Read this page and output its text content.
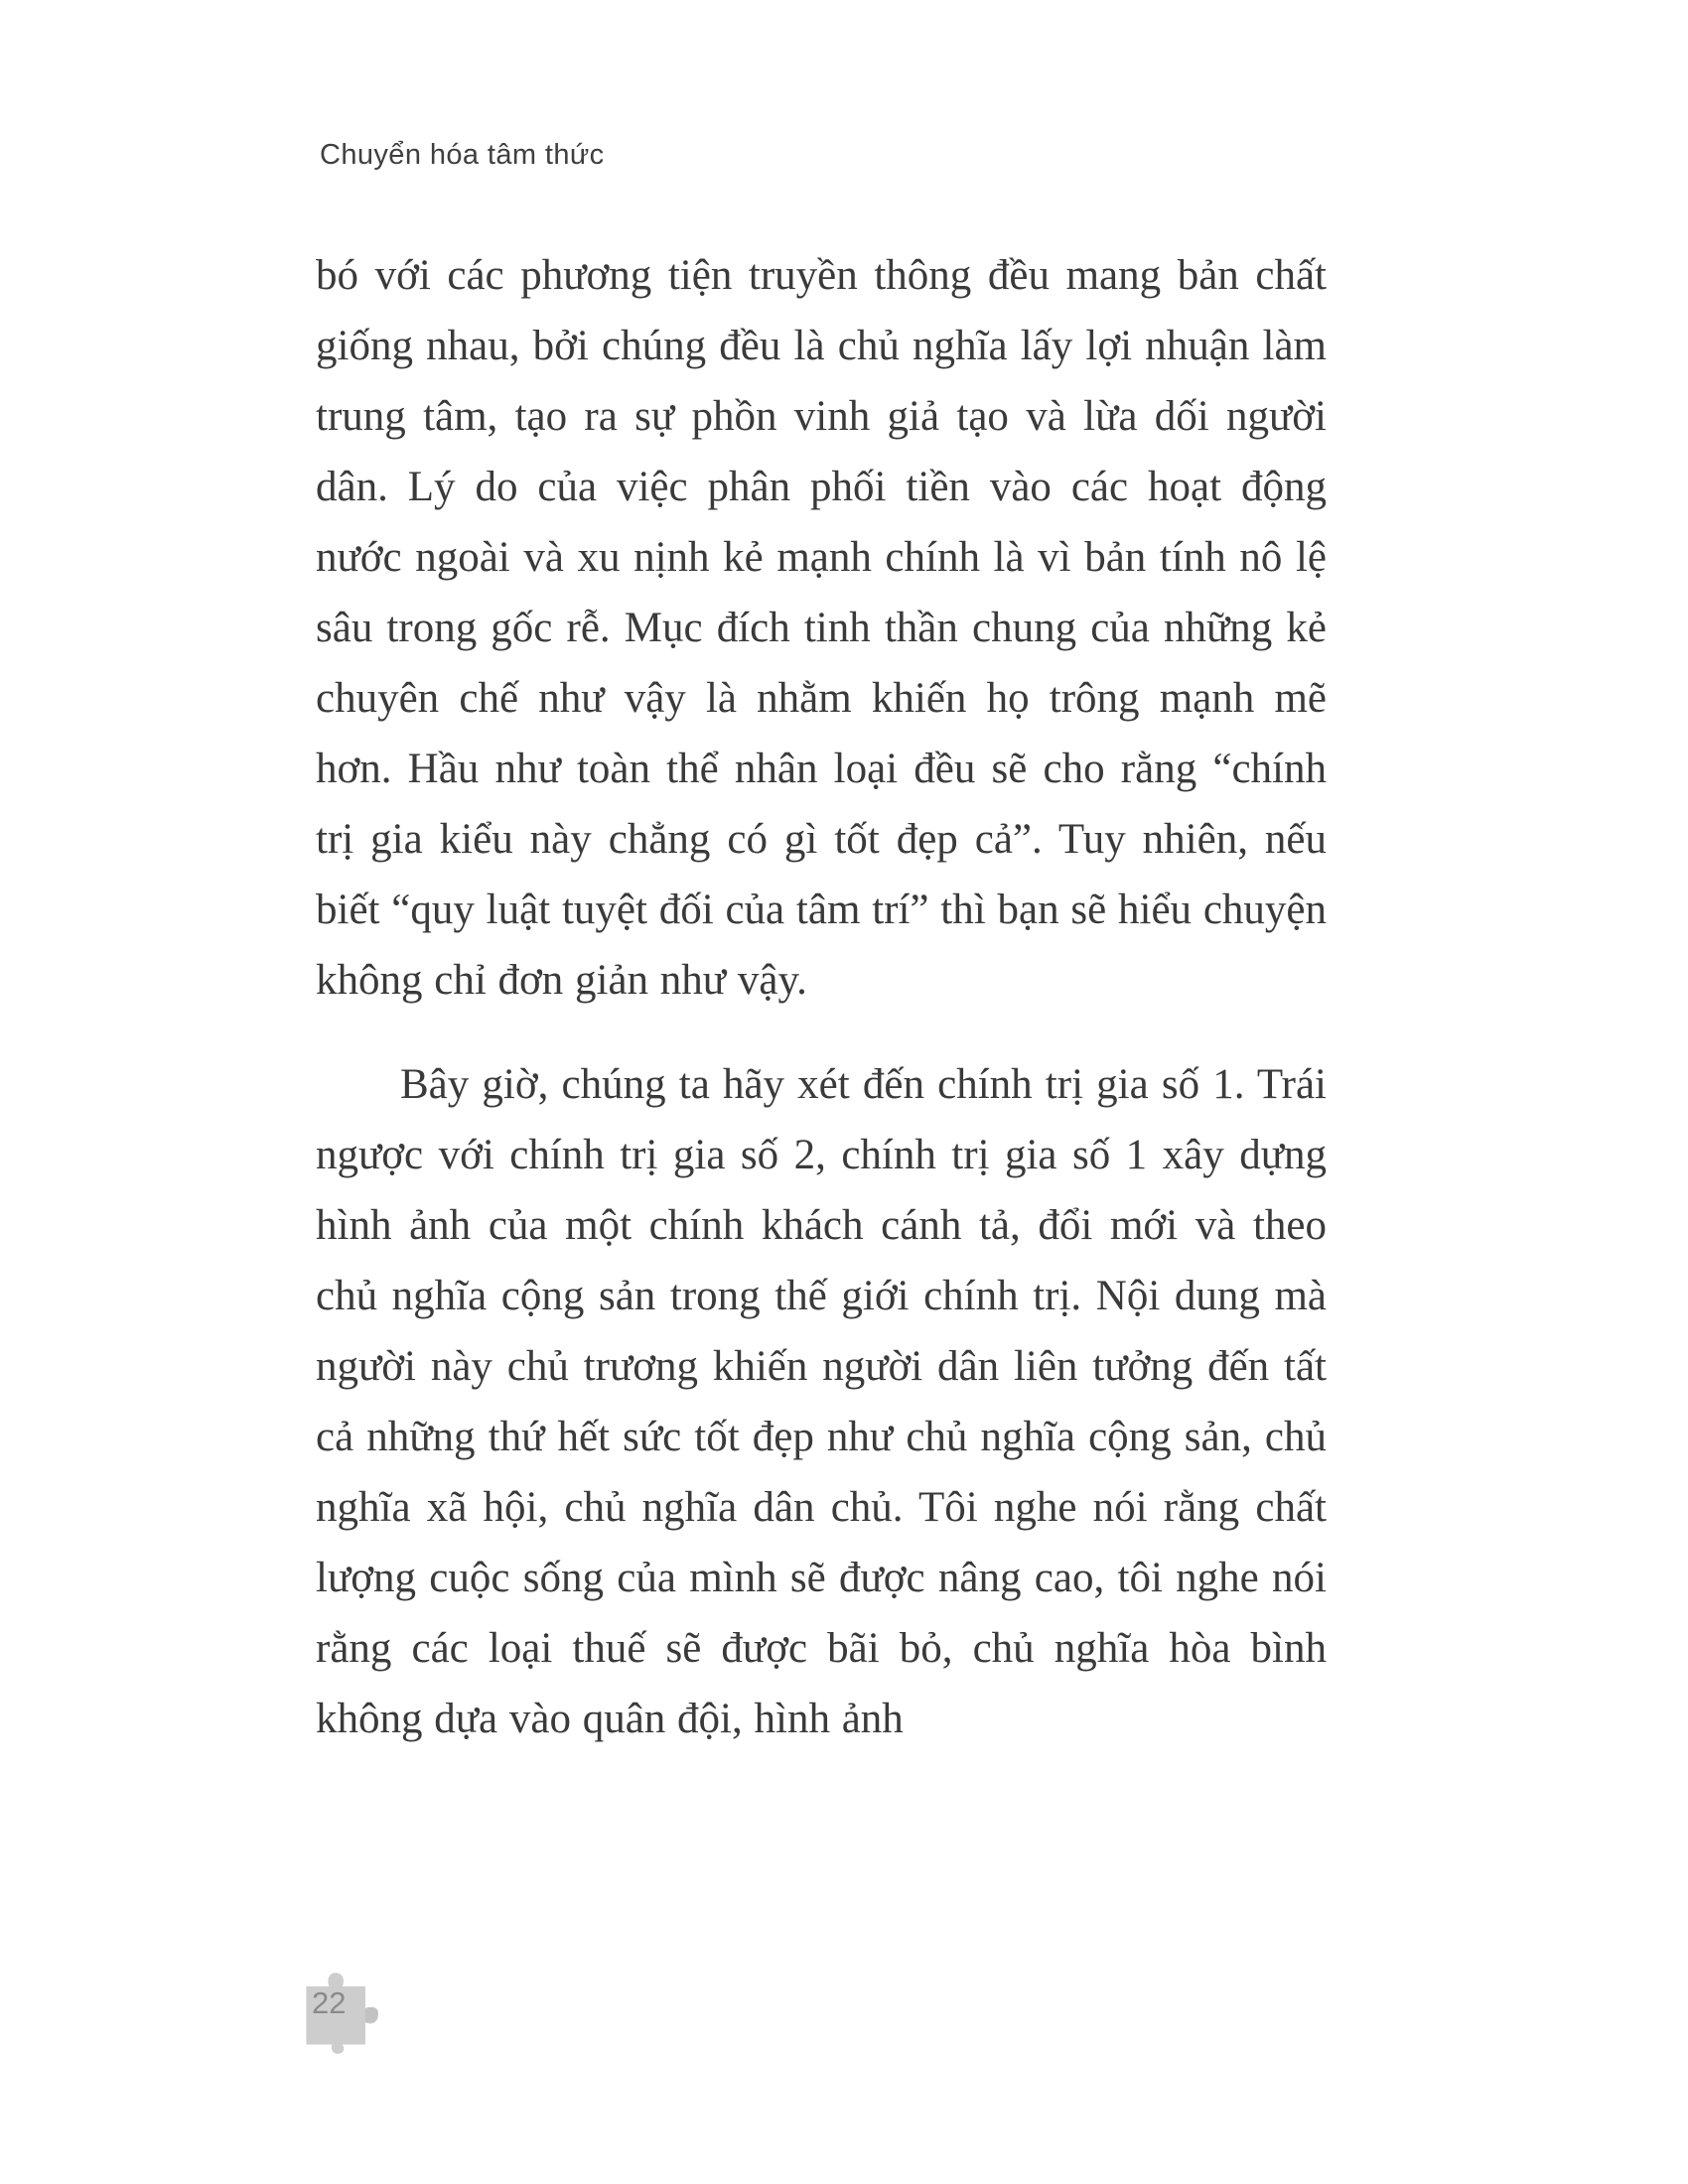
Chuyển hóa tâm thức

bó với các phương tiện truyền thông đều mang bản chất giống nhau, bởi chúng đều là chủ nghĩa lấy lợi nhuận làm trung tâm, tạo ra sự phồn vinh giả tạo và lừa dối người dân. Lý do của việc phân phối tiền vào các hoạt động nước ngoài và xu nịnh kẻ mạnh chính là vì bản tính nô lệ sâu trong gốc rễ. Mục đích tinh thần chung của những kẻ chuyên chế như vậy là nhằm khiến họ trông mạnh mẽ hơn. Hầu như toàn thể nhân loại đều sẽ cho rằng “chính trị gia kiểu này chẳng có gì tốt đẹp cả”. Tuy nhiên, nếu biết “quy luật tuyệt đối của tâm trí” thì bạn sẽ hiểu chuyện không chỉ đơn giản như vậy.

Bây giờ, chúng ta hãy xét đến chính trị gia số 1. Trái ngược với chính trị gia số 2, chính trị gia số 1 xây dựng hình ảnh của một chính khách cánh tả, đổi mới và theo chủ nghĩa cộng sản trong thế giới chính trị. Nội dung mà người này chủ trương khiến người dân liên tưởng đến tất cả những thứ hết sức tốt đẹp như chủ nghĩa cộng sản, chủ nghĩa xã hội, chủ nghĩa dân chủ. Tôi nghe nói rằng chất lượng cuộc sống của mình sẽ được nâng cao, tôi nghe nói rằng các loại thuế sẽ được bãi bỏ, chủ nghĩa hòa bình không dựa vào quân đội, hình ảnh

22
